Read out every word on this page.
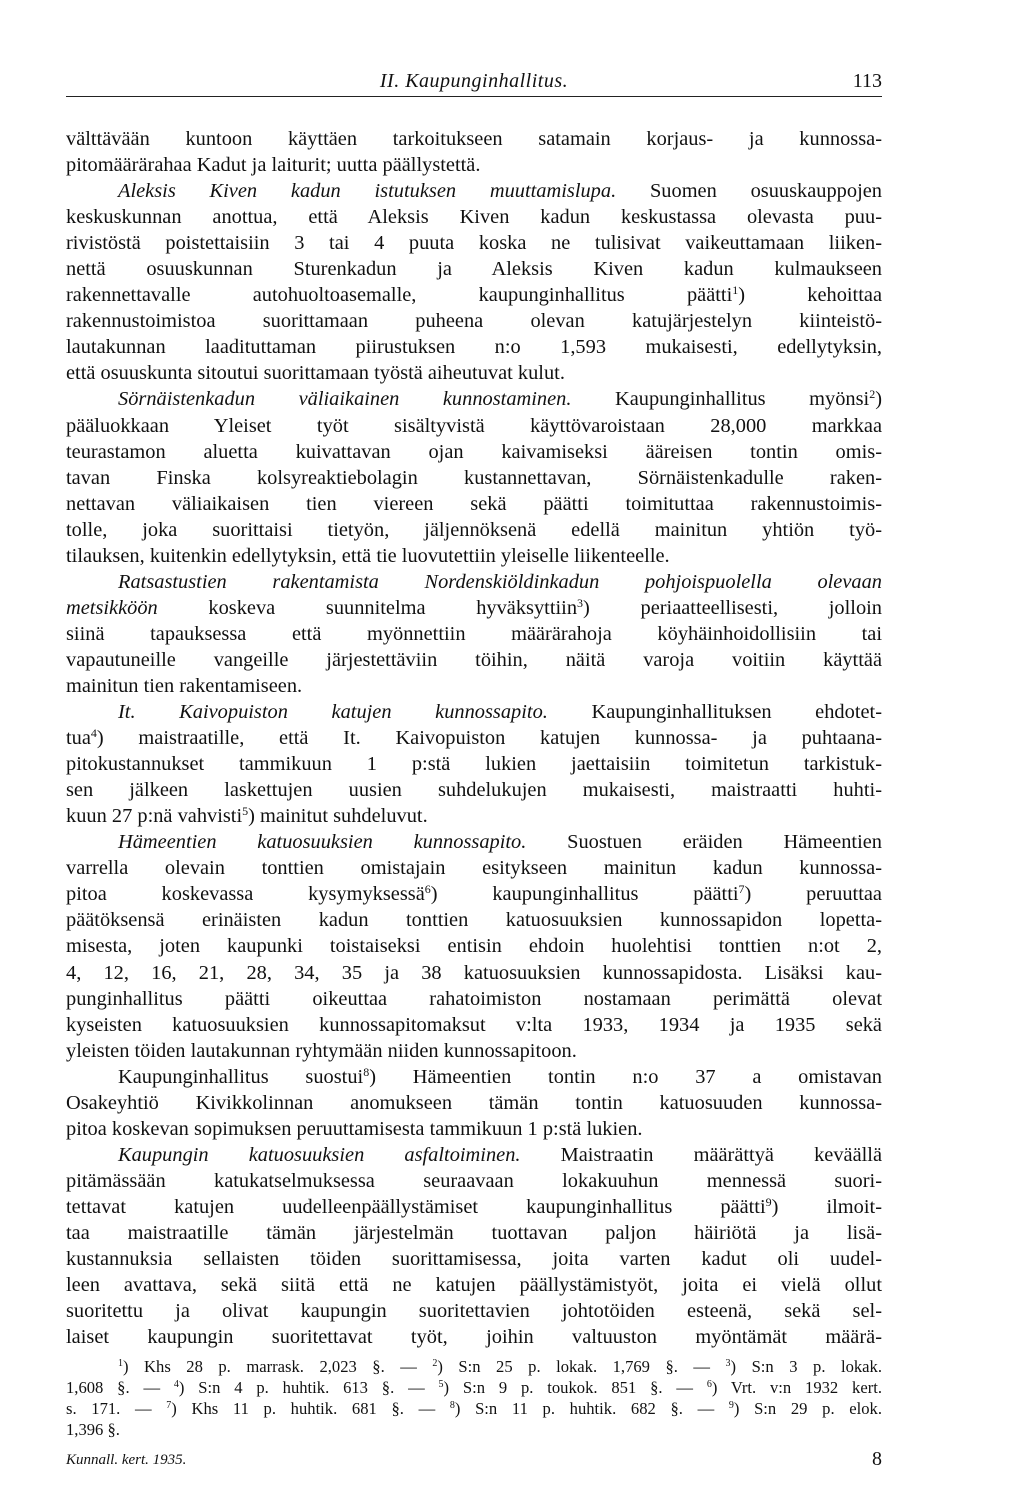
II. Kaupunginhallitus.	113
välttävään kuntoon käyttäen tarkoitukseen satamain korjaus- ja kunnossa-
pitomäärärahaa Kadut ja laiturit; uutta päällystettä.
Aleksis Kiven kadun istutuksen muuttamislupa. Suomen osuuskauppojen
keskuskunnan anottua, että Aleksis Kiven kadun keskustassa olevasta puu-
rivistöstä poistettaisiin 3 tai 4 puuta koska ne tulisivat vaikeuttamaan liiken-
nettä osuuskunnan Sturenkadun ja Aleksis Kiven kadun kulmaukseen
rakennettavalle autohuoltoasemalle, kaupunginhallitus päätti$^1$) kehoittaa
rakennustoimistoa suorittamaan puheena olevan katujärjestelyn kiinteistö-
lautakunnan laadituttaman piirustuksen n:o 1,593 mukaisesti, edellytyksin,
että osuuskunta sitoutui suorittamaan työstä aiheutuvat kulut.
Sörnäistenkadun väliaikainen kunnostaminen. Kaupunginhallitus myönsi$^2$)
pääluokkaan Yleiset työt sisältyvistä käyttövaroistaan 28,000 markkaa
teurastamon aluetta kuivattavan ojan kaivamiseksi ääreisen tontin omis-
tavan Finska kolsyreaktiebolagin kustannettavan, Sörnäistenkadulle raken-
nettavan väliaikaisen tien viereen sekä päätti toimituttaa rakennustoimis-
tolle, joka suorittaisi tietyön, jäljennöksenä edellä mainitun yhtiön työ-
tilauksen, kuitenkin edellytyksin, että tie luovutettiin yleiselle liikenteelle.
Ratsastustien rakentamista Nordenskiöldinkadun pohjoispuolella olevaan
metsikköön koskeva suunnitelma hyväksyttiin$^3$) periaatteellisesti, jolloin
siinä tapauksessa että myönnettiin määrärahoja köyhäinhoidollisiin tai
vapautuneille vangeille järjestettäviin töihin, näitä varoja voitiin käyttää
mainitun tien rakentamiseen.
It. Kaivopuiston katujen kunnossapito. Kaupunginhallituksen ehdotet-
tua$^4$) maistraatille, että It. Kaivopuiston katujen kunnossa- ja puhtaana-
pitokustannukset tammikuun 1 p:stä lukien jaettaisiin toimitetun tarkistuk-
sen jälkeen laskettujen uusien suhdelukujen mukaisesti, maistraatti huhti-
kuun 27 p:nä vahvisti$^5$) mainitut suhdeluvut.
Hämeentien katuosuuksien kunnossapito. Suostuen eräiden Hämeentien
varrella olevain tonttien omistajain esitykseen mainitun kadun kunnossa-
pitoa koskevassa kysymyksessä$^6$) kaupunginhallitus päätti$^7$) peruuttaa
päätöksensä erinäisten kadun tonttien katuosuuksien kunnossapidon lopetta-
misesta, joten kaupunki toistaiseksi entisin ehdoin huolehtisi tonttien n:ot 2,
4, 12, 16, 21, 28, 34, 35 ja 38 katuosuuksien kunnossapidosta. Lisäksi kau-
punginhallitus päätti oikeuttaa rahatoimiston nostamaan perimättä olevat
kyseisten katuosuuksien kunnossapitomaksut v:lta 1933, 1934 ja 1935 sekä
yleisten töiden lautakunnan ryhtymään niiden kunnossapitoon.
Kaupunginhallitus suostui$^8$) Hämeentien tontin n:o 37 a omistavan
Osakeyhtiö Kivikkolinnan anomukseen tämän tontin katuosuuden kunnossa-
pitoa koskevan sopimuksen peruuttamisesta tammikuun 1 p:stä lukien.
Kaupungin katuosuuksien asfaltoiminen. Maistraatin määrättyä keväällä
pitämässään katukatselmuksessa seuraavaan lokakuuhun mennessä suori-
tettavat katujen uudelleenpäällystämiset kaupunginhallitus päätti$^9$) ilmoit-
taa maistraatille tämän järjestelmän tuottavan paljon häiriötä ja lisä-
kustannuksia sellaisten töiden suorittamisessa, joita varten kadut oli uudel-
leen avattava, sekä siitä että ne katujen päällystämistyöt, joita ei vielä ollut
suoritettu ja olivat kaupungin suoritettavien johtotöiden esteenä, sekä sel-
laiset kaupungin suoritettavat työt, joihin valtuuston myöntämät määrä-
$^1$) Khs 28 p. marrask. 2,023 §. — $^2$) S:n 25 p. lokak. 1,769 §. — $^3$) S:n 3 p. lokak.
1,608 §. — $^4$) S:n 4 p. huhtik. 613 §. — $^5$) S:n 9 p. toukok. 851 §. — $^6$) Vrt. v:n 1932 kert.
s. 171. — $^7$) Khs 11 p. huhtik. 681 §. — $^8$) S:n 11 p. huhtik. 682 §. — $^9$) S:n 29 p. elok.
1,396 §.
Kunnall. kert. 1935.	8
